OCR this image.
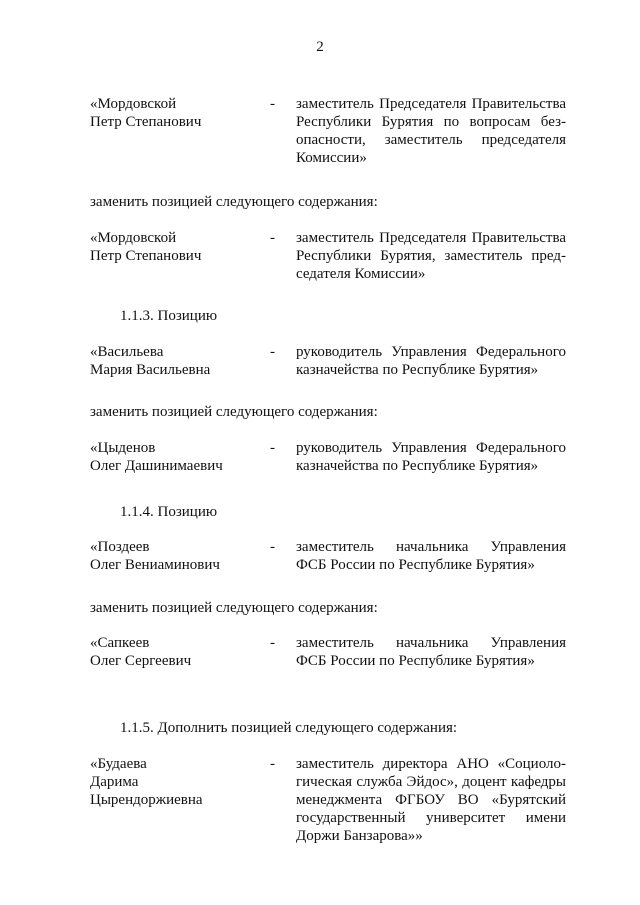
2
«Мордовской
Петр Степанович
- заместитель Председателя Правительства
Республики Бурятия по вопросам без-
опасности, заместитель председателя
Комиссии»
заменить позицией следующего содержания:
«Мордовской
Петр Степанович
- заместитель Председателя Правительства
Республики Бурятия, заместитель пред-
седателя Комиссии»
1.1.3. Позицию
«Васильева
Мария Васильевна
- руководитель Управления Федерального
казначейства по Республике Бурятия»
заменить позицией следующего содержания:
«Цыденов
Олег Дашинимаевич
- руководитель Управления Федерального
казначейства по Республике Бурятия»
1.1.4. Позицию
«Поздеев
Олег Вениаминович
- заместитель начальника Управления
ФСБ России по Республике Бурятия»
заменить позицией следующего содержания:
«Сапкеев
Олег Сергеевич
- заместитель начальника Управления
ФСБ России по Республике Бурятия»
1.1.5. Дополнить позицией следующего содержания:
«Будаева
Дарима
Цырендоржиевна
- заместитель директора АНО «Социоло-
гическая служба Эйдос», доцент кафедры
менеджмента ФГБОУ ВО «Бурятский
государственный университет имени
Доржи Банзарова»»
